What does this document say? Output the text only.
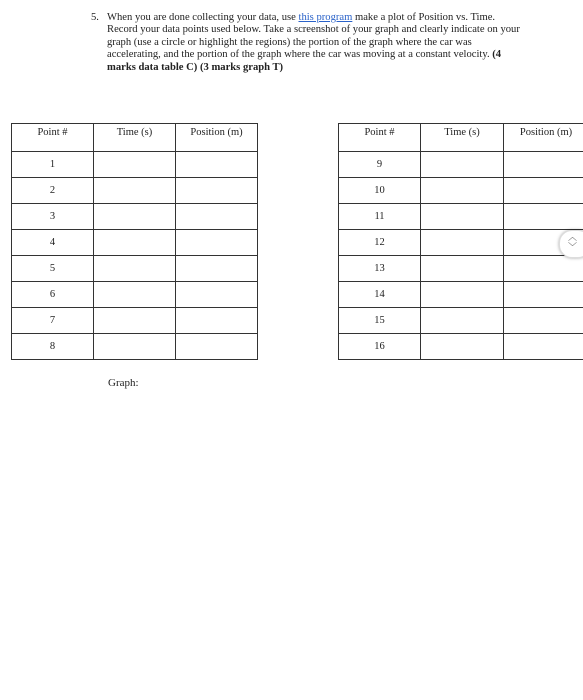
5. When you are done collecting your data, use this program make a plot of Position vs. Time. Record your data points used below. Take a screenshot of your graph and clearly indicate on your graph (use a circle or highlight the regions) the portion of the graph where the car was accelerating, and the portion of the graph where the car was moving at a constant velocity. (4 marks data table C) (3 marks graph T)
Point #	Time (s)	Position (m)
1		
2		
3		
4		
5		
6		
7		
8		
Point #	Time (s)	Position (m)
9		
10		
11		
12		
13		
14		
15		
16		
Graph:
︿
﹀
